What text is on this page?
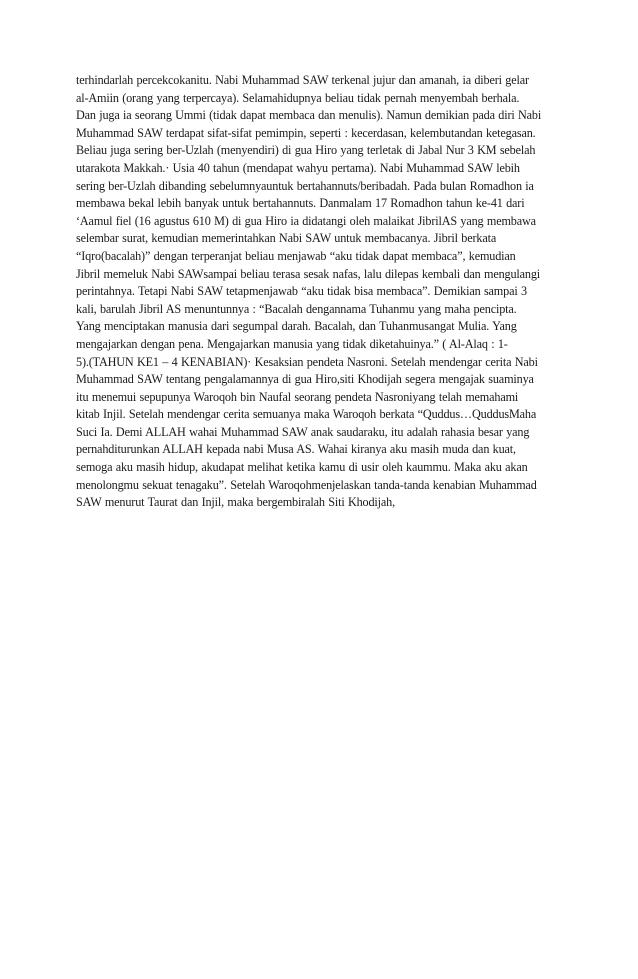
terhindarlah percekcokanitu. Nabi Muhammad SAW terkenal jujur dan amanah, ia diberi gelar
al-Amiin (orang yang terpercaya). Selamahidupnya beliau tidak pernah menyembah berhala.
Dan juga ia seorang Ummi (tidak dapat membaca dan menulis). Namun demikian pada diri Nabi
Muhammad SAW terdapat sifat-sifat pemimpin, seperti : kecerdasan, kelembutandan ketegasan.
Beliau juga sering ber-Uzlah (menyendiri) di gua Hiro yang terletak di Jabal Nur 3 KM sebelah
utarakota Makkah.· Usia 40 tahun (mendapat wahyu pertama). Nabi Muhammad SAW lebih
sering ber-Uzlah dibanding sebelumnyauntuk bertahannuts/beribadah. Pada bulan Romadhon ia
membawa bekal lebih banyak untuk bertahannuts. Danmalam 17 Romadhon tahun ke-41 dari
‘Aamul fiel (16 agustus 610 M) di gua Hiro ia didatangi oleh malaikat JibrilAS yang membawa
selembar surat, kemudian memerintahkan Nabi SAW untuk membacanya. Jibril berkata
“Iqro(bacalah)” dengan terperanjat beliau menjawab “aku tidak dapat membaca”, kemudian
Jibril memeluk Nabi SAWsampai beliau terasa sesak nafas, lalu dilepas kembali dan mengulangi
perintahnya. Tetapi Nabi SAW tetapmenjawab “aku tidak bisa membaca”. Demikian sampai 3
kali, barulah Jibril AS menuntunnya : “Bacalah dengannama Tuhanmu yang maha pencipta.
Yang menciptakan manusia dari segumpal darah. Bacalah, dan Tuhanmusangat Mulia. Yang
mengajarkan dengan pena. Mengajarkan manusia yang tidak diketahuinya.” ( Al-Alaq : 1-
5).(TAHUN KE1 – 4 KENABIAN)· Kesaksian pendeta Nasroni. Setelah mendengar cerita Nabi
Muhammad SAW tentang pengalamannya di gua Hiro,siti Khodijah segera mengajak suaminya
itu menemui sepupunya Waroqoh bin Naufal seorang pendeta Nasroniyang telah memahami
kitab Injil. Setelah mendengar cerita semuanya maka Waroqoh berkata “Quddus…QuddusMaha
Suci Ia. Demi ALLAH wahai Muhammad SAW anak saudaraku, itu adalah rahasia besar yang
pernahditurunkan ALLAH kepada nabi Musa AS. Wahai kiranya aku masih muda dan kuat,
semoga aku masih hidup, akudapat melihat ketika kamu di usir oleh kaummu. Maka aku akan
menolongmu sekuat tenagaku”. Setelah Waroqohmenjelaskan tanda-tanda kenabian Muhammad
SAW menurut Taurat dan Injil, maka bergembiralah Siti Khodijah,
